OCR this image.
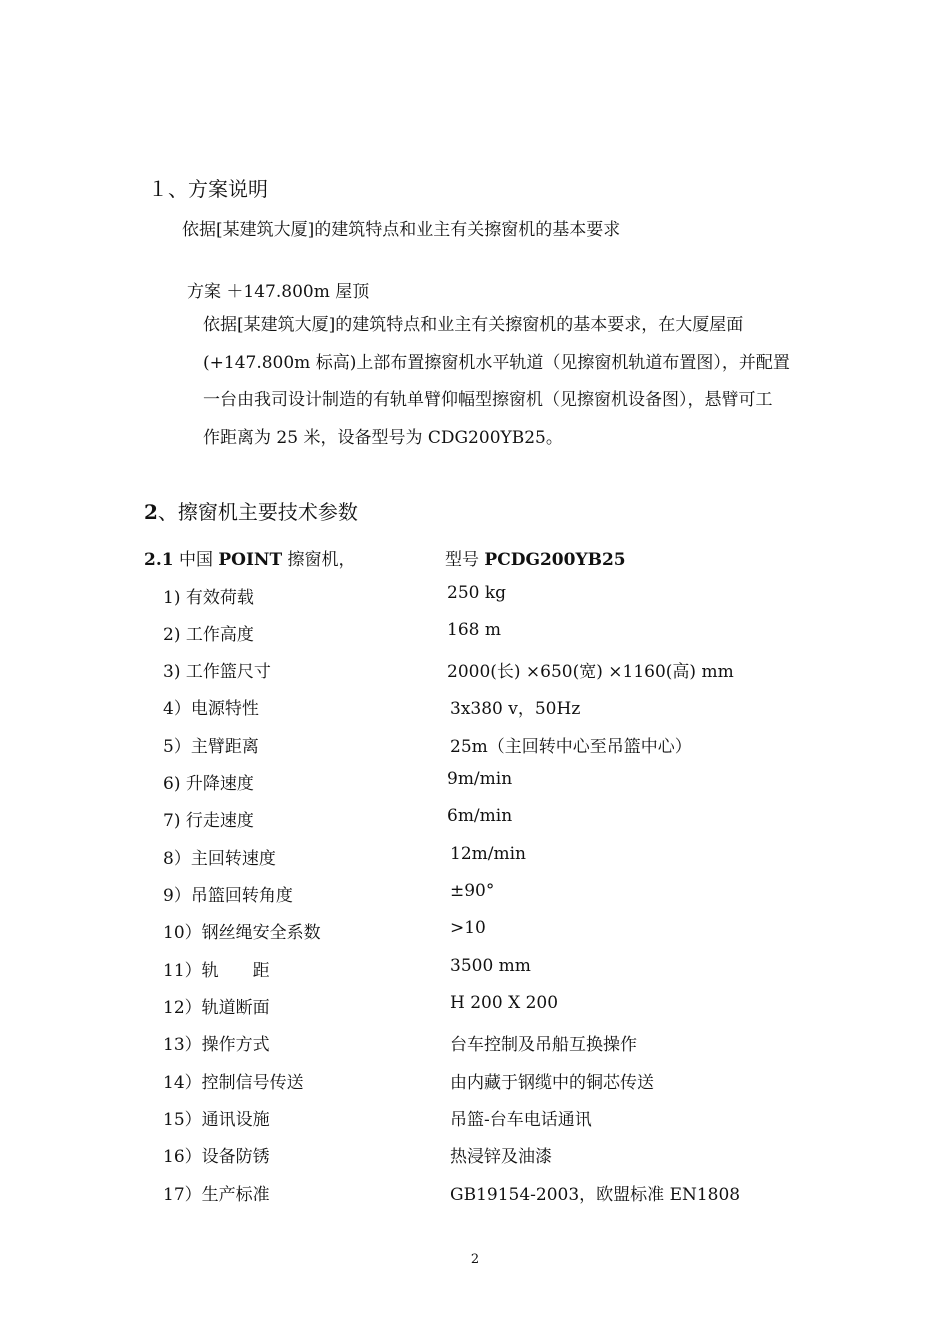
１、方案说明
依据[某建筑大厦]的建筑特点和业主有关擦窗机的基本要求
方案 ＋147.800m 屋顶

依据[某建筑大厦]的建筑特点和业主有关擦窗机的基本要求，在大厦屋面

(+147.800m 标高)上部布置擦窗机水平轨道（见擦窗机轨道布置图），并配置

一台由我司设计制造的有轨单臂仰幅型擦窗机（见擦窗机设备图），悬臂可工

作距离为 25 米，设备型号为 CDG200YB25。

2、擦窗机主要技术参数
2.1 中国 POINT 擦窗机，	型号 PCDG200YB25
1) 有效荷载	250 kg
2) 工作高度	168 m
3) 工作篮尺寸	2000(长) ×650(宽) ×1160(高) mm
4）电源特性	3x380 v，50Hz
5）主臂距离	25m（主回转中心至吊篮中心）
6) 升降速度	9m/min
7) 行走速度	6m/min
8）主回转速度	12m/min
9）吊篮回转角度	±90°
10）钢丝绳安全系数	>10
11）轨　　距	3500 mm
12）轨道断面	H 200 X 200
13）操作方式	台车控制及吊船互换操作
14）控制信号传送	由内藏于钢缆中的铜芯传送
15）通讯设施	吊篮-台车电话通讯
16）设备防锈	热浸锌及油漆
17）生产标准	GB19154-2003，欧盟标准 EN1808
2
